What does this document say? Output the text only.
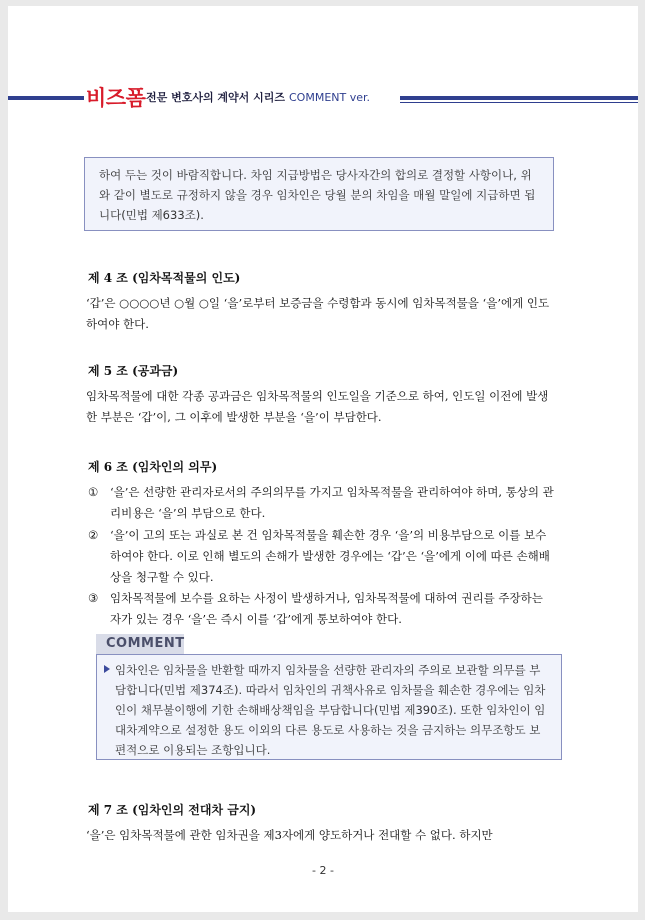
비즈폼 전문 변호사의 계약서 시리즈 COMMENT ver.
하여 두는 것이 바람직합니다. 차임 지급방법은 당사자간의 합의로 결정할 사항이나, 위와 같이 별도로 규정하지 않을 경우 임차인은 당월 분의 차임을 매월 말일에 지급하면 됩니다(민법 제633조).
제 4 조 (임차목적물의 인도)
‘갑’은 ○○○○년 ○월 ○일 ‘을’로부터 보증금을 수령함과 동시에 임차목적물을 ‘을’에게 인도하여야 한다.
제 5 조 (공과금)
임차목적물에 대한 각종 공과금은 임차목적물의 인도일을 기준으로 하여, 인도일 이전에 발생한 부분은 ‘갑’이, 그 이후에 발생한 부분을 ‘을’이 부담한다.
제 6 조 (임차인의 의무)
① ‘을’은 선량한 관리자로서의 주의의무를 가지고 임차목적물을 관리하여야 하며, 통상의 관리비용은 ‘을’의 부담으로 한다.
② ‘을’이 고의 또는 과실로 본 건 임차목적물을 훼손한 경우 ‘을’의 비용부담으로 이를 보수하여야 한다. 이로 인해 별도의 손해가 발생한 경우에는 ‘갑’은 ‘을’에게 이에 따른 손해배상을 청구할 수 있다.
③ 임차목적물에 보수를 요하는 사정이 발생하거나, 임차목적물에 대하여 권리를 주장하는 자가 있는 경우 ‘을’은 즉시 이를 ‘갑’에게 통보하여야 한다.
COMMENT
임차인은 임차물을 반환할 때까지 임차물을 선량한 관리자의 주의로 보관할 의무를 부담합니다(민법 제374조). 따라서 임차인의 귀책사유로 임차물을 훼손한 경우에는 임차인이 채무불이행에 기한 손해배상책임을 부담합니다(민법 제390조). 또한 임차인이 임대차계약으로 설정한 용도 이외의 다른 용도로 사용하는 것을 금지하는 의무조항도 보편적으로 이용되는 조항입니다.
제 7 조 (임차인의 전대차 금지)
‘을’은 임차목적물에 관한 임차권을 제3자에게 양도하거나 전대할 수 없다. 하지만
- 2 -
